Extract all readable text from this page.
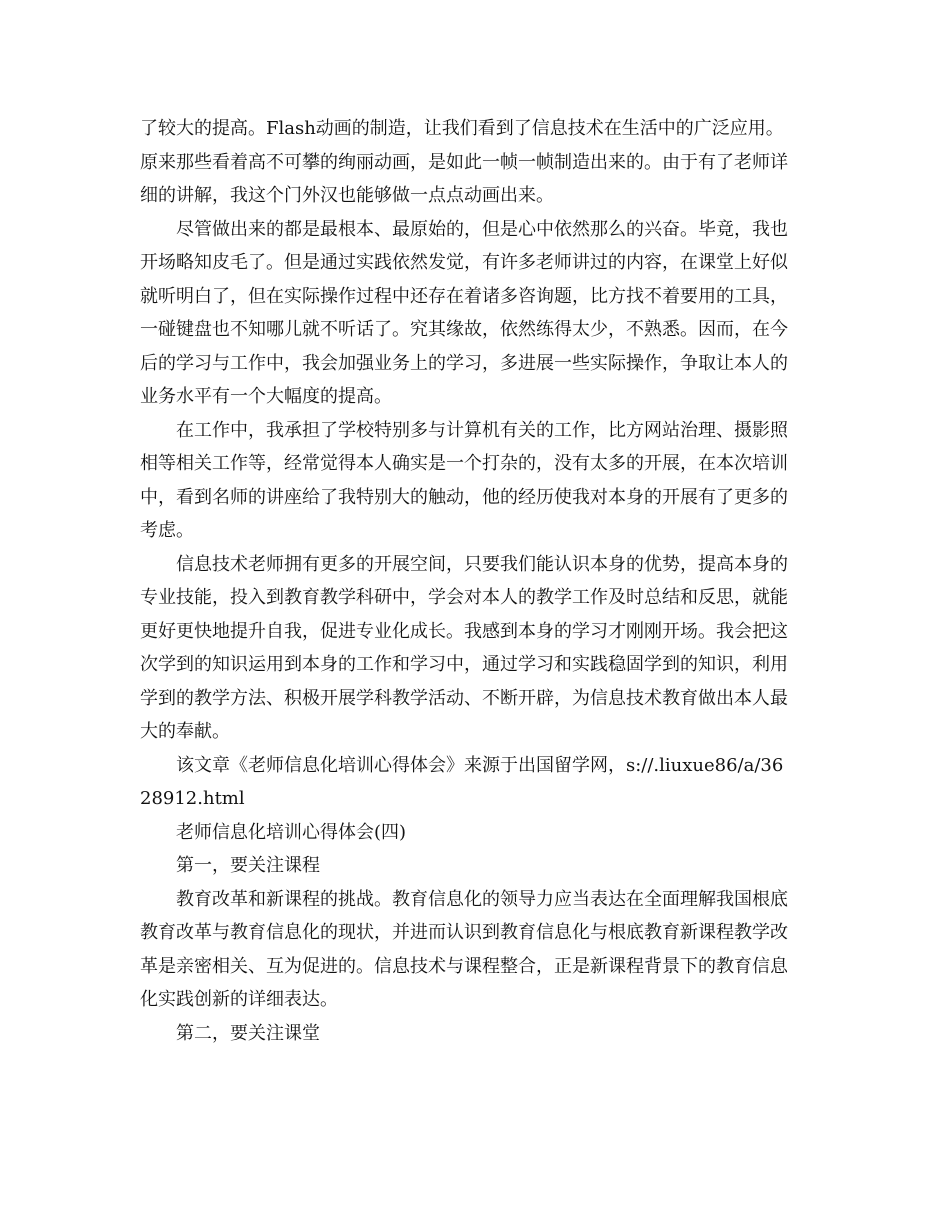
了较大的提高。Flash动画的制造，让我们看到了信息技术在生活中的广泛应用。
原来那些看着高不可攀的绚丽动画，是如此一帧一帧制造出来的。由于有了老师详
细的讲解，我这个门外汉也能够做一点点动画出来。

尽管做出来的都是最根本、最原始的，但是心中依然那么的兴奋。毕竟，我也
开场略知皮毛了。但是通过实践依然发觉，有许多老师讲过的内容，在课堂上好似
就听明白了，但在实际操作过程中还存在着诸多咨询题，比方找不着要用的工具，
一碰键盘也不知哪儿就不听话了。究其缘故，依然练得太少，不熟悉。因而，在今
后的学习与工作中，我会加强业务上的学习，多进展一些实际操作，争取让本人的
业务水平有一个大幅度的提高。

在工作中，我承担了学校特别多与计算机有关的工作，比方网站治理、摄影照
相等相关工作等，经常觉得本人确实是一个打杂的，没有太多的开展，在本次培训
中，看到名师的讲座给了我特别大的触动，他的经历使我对本身的开展有了更多的
考虑。

信息技术老师拥有更多的开展空间，只要我们能认识本身的优势，提高本身的
专业技能，投入到教育教学科研中，学会对本人的教学工作及时总结和反思，就能
更好更快地提升自我，促进专业化成长。我感到本身的学习才刚刚开场。我会把这
次学到的知识运用到本身的工作和学习中，通过学习和实践稳固学到的知识，利用
学到的教学方法、积极开展学科教学活动、不断开辟，为信息技术教育做出本人最
大的奉献。

该文章《老师信息化培训心得体会》来源于出国留学网，s://.liuxue86/a/36
28912.html

老师信息化培训心得体会(四)

第一，要关注课程

教育改革和新课程的挑战。教育信息化的领导力应当表达在全面理解我国根底
教育改革与教育信息化的现状，并进而认识到教育信息化与根底教育新课程教学改
革是亲密相关、互为促进的。信息技术与课程整合，正是新课程背景下的教育信息
化实践创新的详细表达。

第二，要关注课堂
